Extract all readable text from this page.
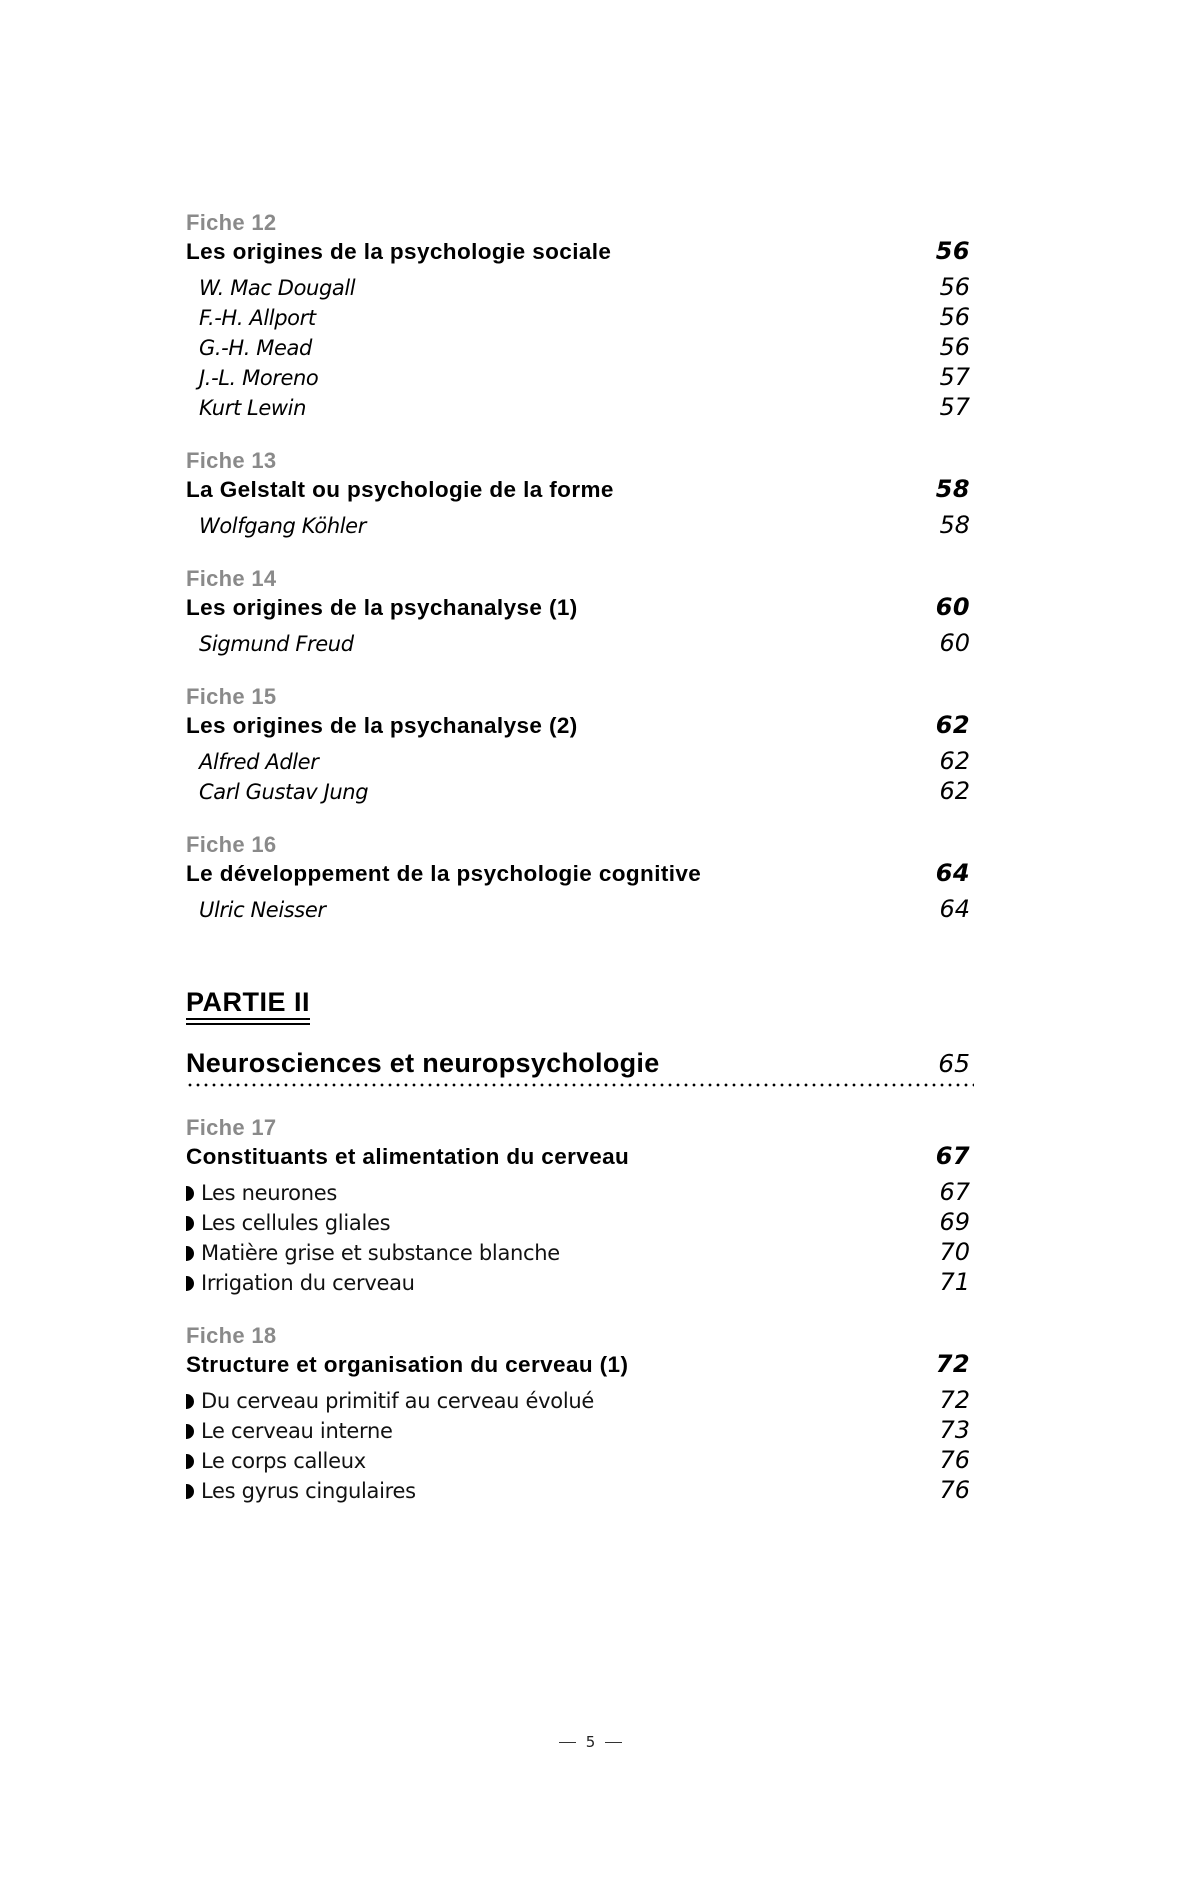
Fiche 12
Les origines de la psychologie sociale	56
W. Mac Dougall	56
F.-H. Allport	56
G.-H. Mead	56
J.-L. Moreno	57
Kurt Lewin	57
Fiche 13
La Gelstalt ou psychologie de la forme	58
Wolfgang Köhler	58
Fiche 14
Les origines de la psychanalyse (1)	60
Sigmund Freud	60
Fiche 15
Les origines de la psychanalyse (2)	62
Alfred Adler	62
Carl Gustav Jung	62
Fiche 16
Le développement de la psychologie cognitive	64
Ulric Neisser	64
PARTIE II
Neurosciences et neuropsychologie	65
Fiche 17
Constituants et alimentation du cerveau	67
Les neurones	67
Les cellules gliales	69
Matière grise et substance blanche	70
Irrigation du cerveau	71
Fiche 18
Structure et organisation du cerveau (1)	72
Du cerveau primitif au cerveau évolué	72
Le cerveau interne	73
Le corps calleux	76
Les gyrus cingulaires	76
5
